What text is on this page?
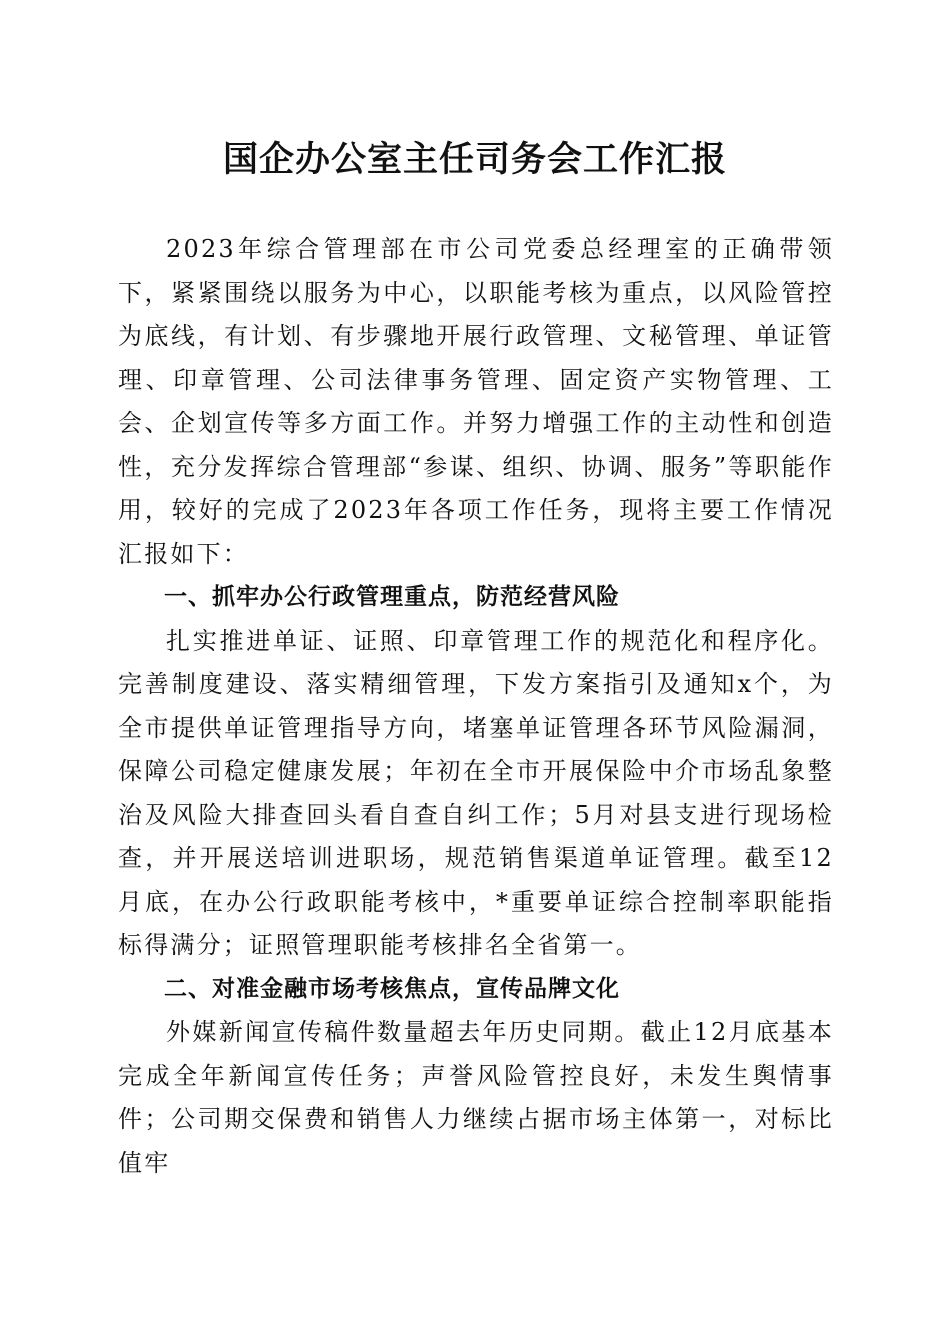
国企办公室主任司务会工作汇报

2023年综合管理部在市公司党委总经理室的正确带领下，紧紧围绕以服务为中心，以职能考核为重点，以风险管控为底线，有计划、有步骤地开展行政管理、文秘管理、单证管理、印章管理、公司法律事务管理、固定资产实物管理、工会、企划宣传等多方面工作。并努力增强工作的主动性和创造性，充分发挥综合管理部“参谋、组织、协调、服务”等职能作用，较好的完成了2023年各项工作任务，现将主要工作情况汇报如下：

一、抓牢办公行政管理重点，防范经营风险

扎实推进单证、证照、印章管理工作的规范化和程序化。完善制度建设、落实精细管理，下发方案指引及通知x个，为全市提供单证管理指导方向，堵塞单证管理各环节风险漏洞，保障公司稳定健康发展；年初在全市开展保险中介市场乱象整治及风险大排查回头看自查自纠工作；5月对县支进行现场检查，并开展送培训进职场，规范销售渠道单证管理。截至12月底，在办公行政职能考核中，*重要单证综合控制率职能指标得满分；证照管理职能考核排名全省第一。

二、对准金融市场考核焦点，宣传品牌文化

外媒新闻宣传稿件数量超去年历史同期。截止12月底基本完成全年新闻宣传任务；声誉风险管控良好，未发生舆情事件；公司期交保费和销售人力继续占据市场主体第一，对标比值牢
